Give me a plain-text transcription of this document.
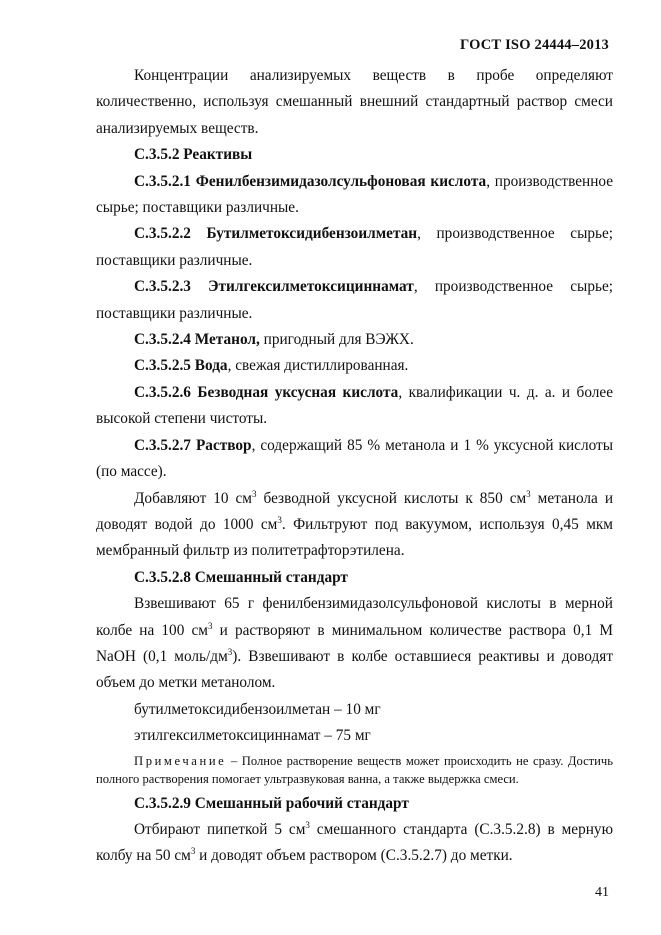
ГОСТ ISO 24444–2013

Концентрации анализируемых веществ в пробе определяют количественно, используя смешанный внешний стандартный раствор смеси анализируемых веществ.

С.3.5.2 Реактивы

С.3.5.2.1 Фенилбензимидазолсульфоновая кислота, производственное сырье; поставщики различные.

С.3.5.2.2 Бутилметоксидибензоилметан, производственное сырье; поставщики различные.

С.3.5.2.3 Этилгексилметоксициннамат, производственное сырье; поставщики различные.

С.3.5.2.4 Метанол, пригодный для ВЭЖХ.

С.3.5.2.5 Вода, свежая дистиллированная.

С.3.5.2.6 Безводная уксусная кислота, квалификации ч. д. а. и более высокой степени чистоты.

С.3.5.2.7 Раствор, содержащий 85 % метанола и 1 % уксусной кислоты (по массе).

Добавляют 10 $см^3$ безводной уксусной кислоты к 850 $см^3$ метанола и доводят водой до 1000 $см^3$. Фильтруют под вакуумом, используя 0,45 мкм мембранный фильтр из политетрафторэтилена.

С.3.5.2.8 Смешанный стандарт

Взвешивают 65 г фенилбензимидазолсульфоновой кислоты в мерной колбе на 100 $см^3$ и растворяют в минимальном количестве раствора 0,1 М NaOH (0,1 моль/$дм^3$). Взвешивают в колбе оставшиеся реактивы и доводят объем до метки метанолом.

бутилметоксидибензоилметан – 10 мг

этилгексилметоксициннамат – 75 мг

Примечание – Полное растворение веществ может происходить не сразу. Достичь полного растворения помогает ультразвуковая ванна, а также выдержка смеси.

С.3.5.2.9 Смешанный рабочий стандарт

Отбирают пипеткой 5 $см^3$ смешанного стандарта (С.3.5.2.8) в мерную колбу на 50 $см^3$ и доводят объем раствором (С.3.5.2.7) до метки.

41
